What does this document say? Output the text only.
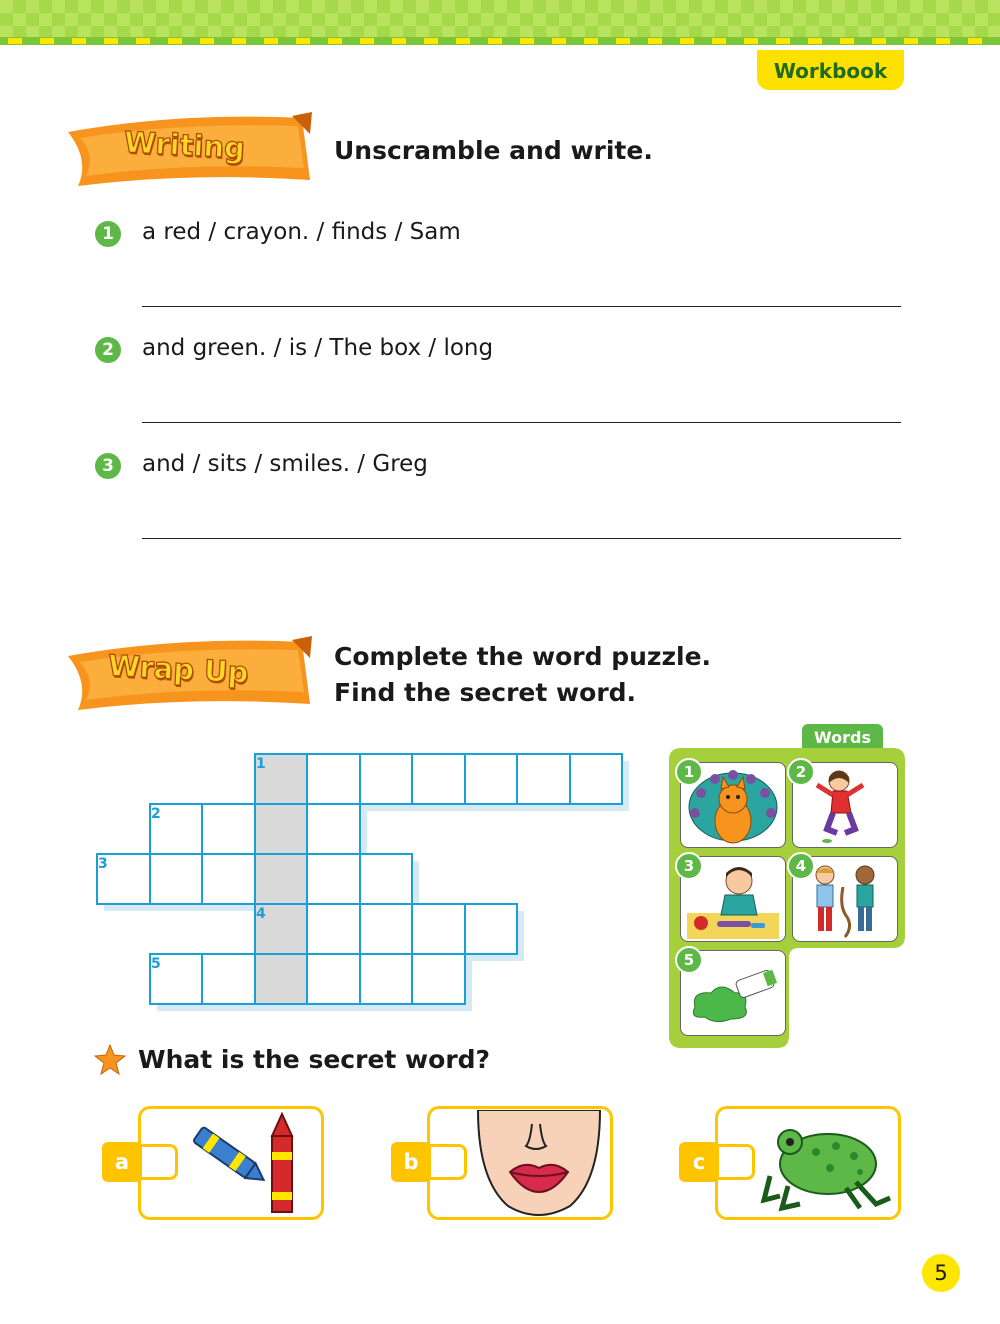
Workbook
Writing	Unscramble and write.
1	a red / crayon. / finds / Sam
2	and green. / is / The box / long
3	and / sits / smiles. / Greg
Wrap Up	Complete the word puzzle.
Find the secret word.
1
2
3
4
5
Words
1	2
3	4
5
What is the secret word?
a	b	c
5
